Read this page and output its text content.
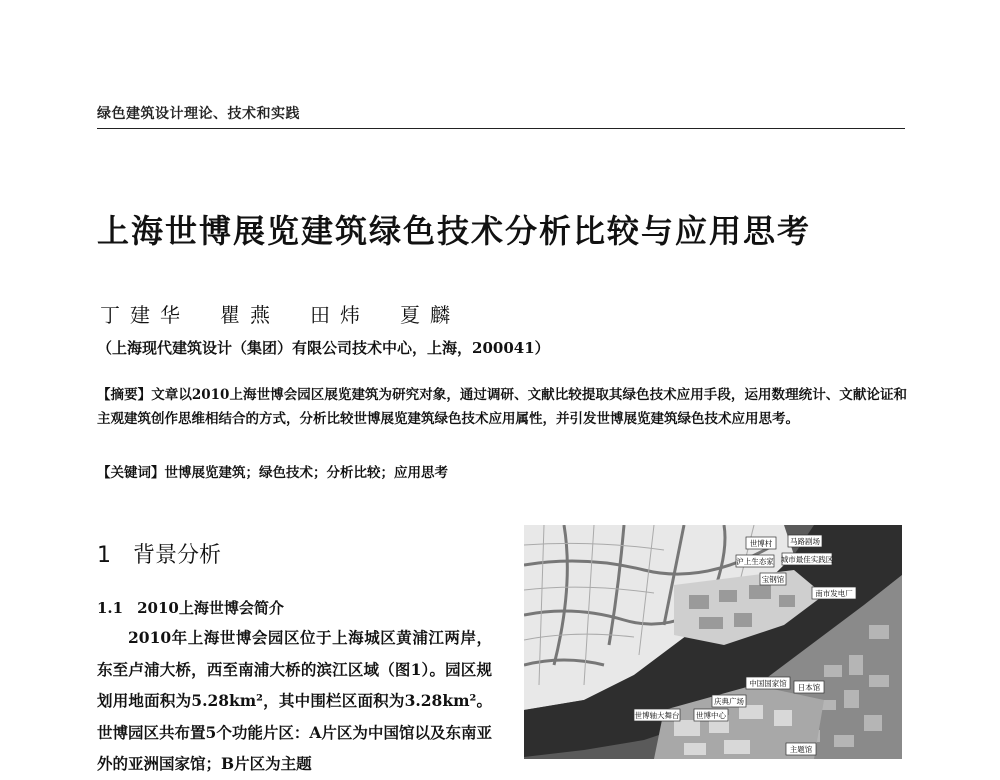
绿色建筑设计理论、技术和实践
上海世博展览建筑绿色技术分析比较与应用思考
丁建华 瞿燕 田炜 夏麟
（上海现代建筑设计（集团）有限公司技术中心，上海，200041）
【摘要】文章以2010上海世博会园区展览建筑为研究对象，通过调研、文献比较提取其绿色技术应用手段，运用数理统计、文献论证和主观建筑创作思维相结合的方式，分析比较世博展览建筑绿色技术应用属性，并引发世博展览建筑绿色技术应用思考。
【关键词】世博展览建筑；绿色技术；分析比较；应用思考
1 背景分析
1.1 2010上海世博会简介

2010年上海世博会园区位于上海城区黄浦江两岸，东至卢浦大桥，西至南浦大桥的滨江区域（图1）。园区规划用地面积为5.28km²，其中围栏区面积为3.28km²。世博园区共布置5个功能片区：A片区为中国馆以及东南亚外的亚洲国家馆；B片区为主题

世博村 马路剧场
沪上生态家 城市最佳实践区
宝钢馆
南市发电厂
世博轴大舞台 世博中心
庆典广场
中国国家馆 日本馆
主题馆
